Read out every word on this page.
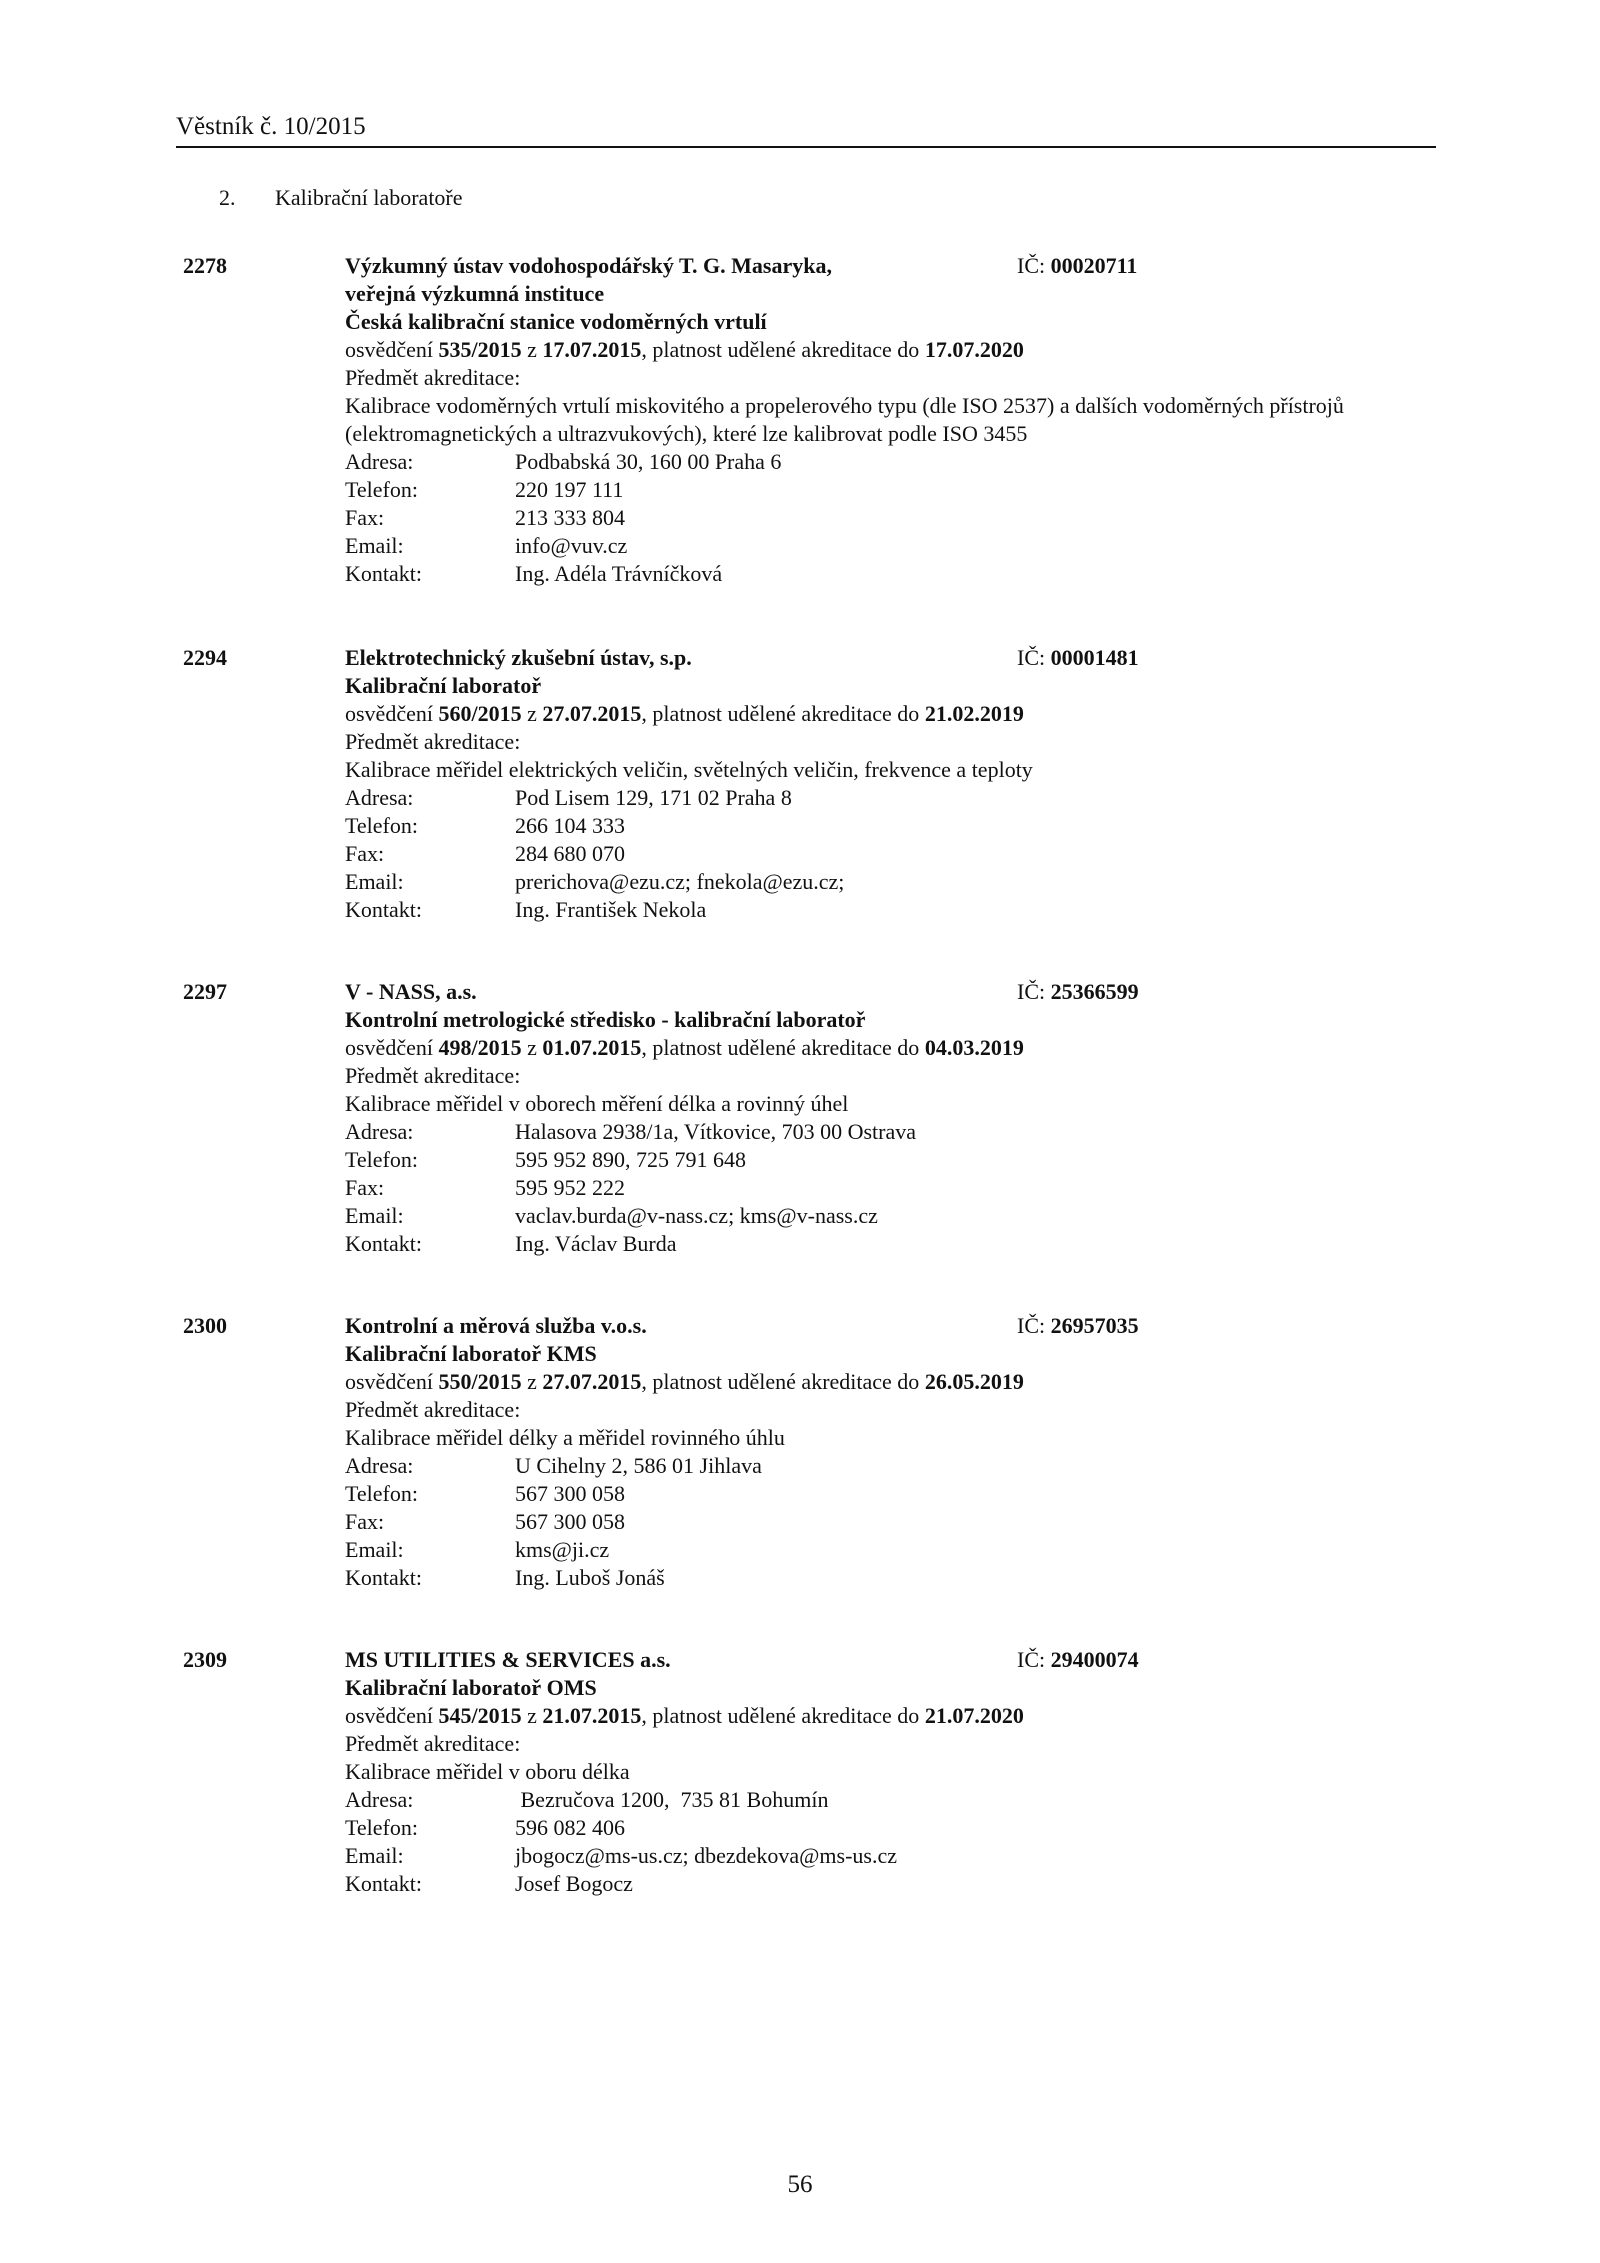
Věstník č. 10/2015
2. Kalibrační laboratoře
2278	Výzkumný ústav vodohospodářský T. G. Masaryka,	IČ: 00020711
veřejná výzkumná instituce
Česká kalibrační stanice vodoměrných vrtulí
osvědčení 535/2015 z 17.07.2015, platnost udělené akreditace do 17.07.2020
Předmět akreditace:
Kalibrace vodoměrných vrtulí miskovitého a propelerového typu (dle ISO 2537) a dalších vodoměrných přístrojů (elektromagnetických a ultrazvukových), které lze kalibrovat podle ISO 3455
Adresa:	Podbabská 30, 160 00 Praha 6
Telefon:	220 197 111
Fax:	213 333 804
Email:	info@vuv.cz
Kontakt:	Ing. Adéla Trávníčková
2294	Elektrotechnický zkušební ústav, s.p.	IČ: 00001481
Kalibrační laboratoř
osvědčení 560/2015 z 27.07.2015, platnost udělené akreditace do 21.02.2019
Předmět akreditace:
Kalibrace měřidel elektrických veličin, světelných veličin, frekvence a teploty
Adresa:	Pod Lisem 129, 171 02 Praha 8
Telefon:	266 104 333
Fax:	284 680 070
Email:	prerichova@ezu.cz; fnekola@ezu.cz;
Kontakt:	Ing. František Nekola
2297	V - NASS, a.s.	IČ: 25366599
Kontrolní metrologické středisko - kalibrační laboratoř
osvědčení 498/2015 z 01.07.2015, platnost udělené akreditace do 04.03.2019
Předmět akreditace:
Kalibrace měřidel v oborech měření délka a rovinný úhel
Adresa:	Halasova 2938/1a, Vítkovice, 703 00 Ostrava
Telefon:	595 952 890, 725 791 648
Fax:	595 952 222
Email:	vaclav.burda@v-nass.cz; kms@v-nass.cz
Kontakt:	Ing. Václav Burda
2300	Kontrolní a měrová služba v.o.s.	IČ: 26957035
Kalibrační laboratoř KMS
osvědčení 550/2015 z 27.07.2015, platnost udělené akreditace do 26.05.2019
Předmět akreditace:
Kalibrace měřidel délky a měřidel rovinného úhlu
Adresa:	U Cihelny 2, 586 01 Jihlava
Telefon:	567 300 058
Fax:	567 300 058
Email:	kms@ji.cz
Kontakt:	Ing. Luboš Jonáš
2309	MS UTILITIES & SERVICES a.s.	IČ: 29400074
Kalibrační laboratoř OMS
osvědčení 545/2015 z 21.07.2015, platnost udělené akreditace do 21.07.2020
Předmět akreditace:
Kalibrace měřidel v oboru délka
Adresa:	Bezručova 1200,  735 81 Bohumín
Telefon:	596 082 406
Email:	jbogocz@ms-us.cz; dbezdekova@ms-us.cz
Kontakt:	Josef Bogocz
56
